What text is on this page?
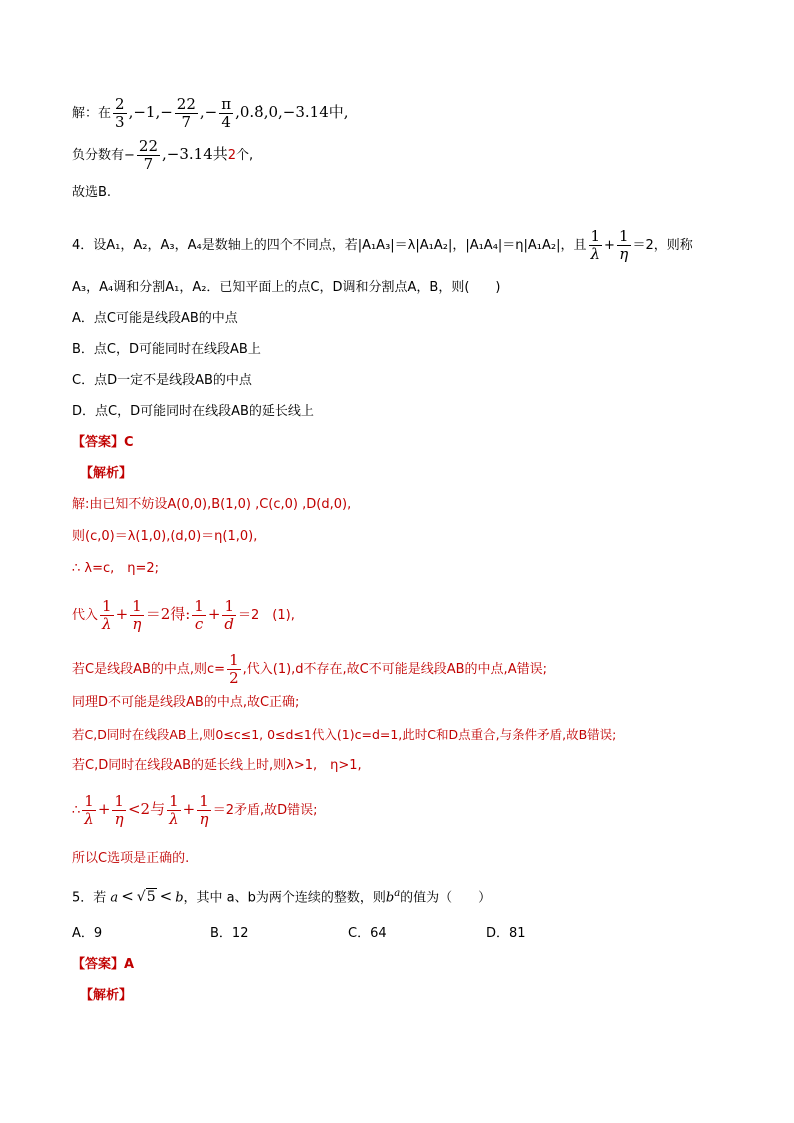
解：在 $\frac{2}{3} ,-1,- \frac{22}{7}$ ,− $\frac{\pi}{4}$ ,0.8̇,0,−3.14中,
负分数有− $\frac{22}{7} ,-3.14$共2个,
故选B.
4．设A₁，A₂，A₃，A₄是数轴上的四个不同点，若|A₁A₃|＝λ|A₁A₂|，|A₁A₄|＝η|A₁A₂|，且 $\frac{1}{\lambda} + \frac{1}{\eta} =2$，则称
A₃，A₄调和分割A₁，A₂．已知平面上的点C，D调和分割点A，B，则(　　)
A．点C可能是线段AB的中点
B．点C，D可能同时在线段AB上
C．点D一定不是线段AB的中点
D．点C，D可能同时在线段AB的延长线上
【答案】C
【解析】
解:由已知不妨设A(0,0),B(1,0) ,C(c,0) ,D(d,0),
则(c,0)＝λ(1,0),(d,0)＝η(1,0),
∴ λ=c,　η=2;
代入 $\frac{1}{\lambda} + \frac{1}{\eta} =2$得: $\frac{1}{c} + \frac{1}{d} =2$　(1),
若C是线段AB的中点,则$c= \frac{1}{2}$ ,代入(1),d不存在,故C不可能是线段AB的中点,A错误;
同理D不可能是线段AB的中点,故C正确;
若C,D同时在线段AB上,则0≤c≤1, 0≤d≤1代入(1)c=d=1,此时C和D点重合,与条件矛盾,故B错误;
若C,D同时在线段AB的延长线上时,则λ>1,　η>1,
∴ $\frac{1}{\lambda} + \frac{1}{\eta} <2$与 $\frac{1}{\lambda} + \frac{1}{\eta} =2$矛盾,故D错误;
所以C选项是正确的.
5．若 a < √5 < b，其中 a、b为两个连续的整数，则$b^a$的值为（　　）
A．9	B．12	C．64	D．81
【答案】A
【解析】
